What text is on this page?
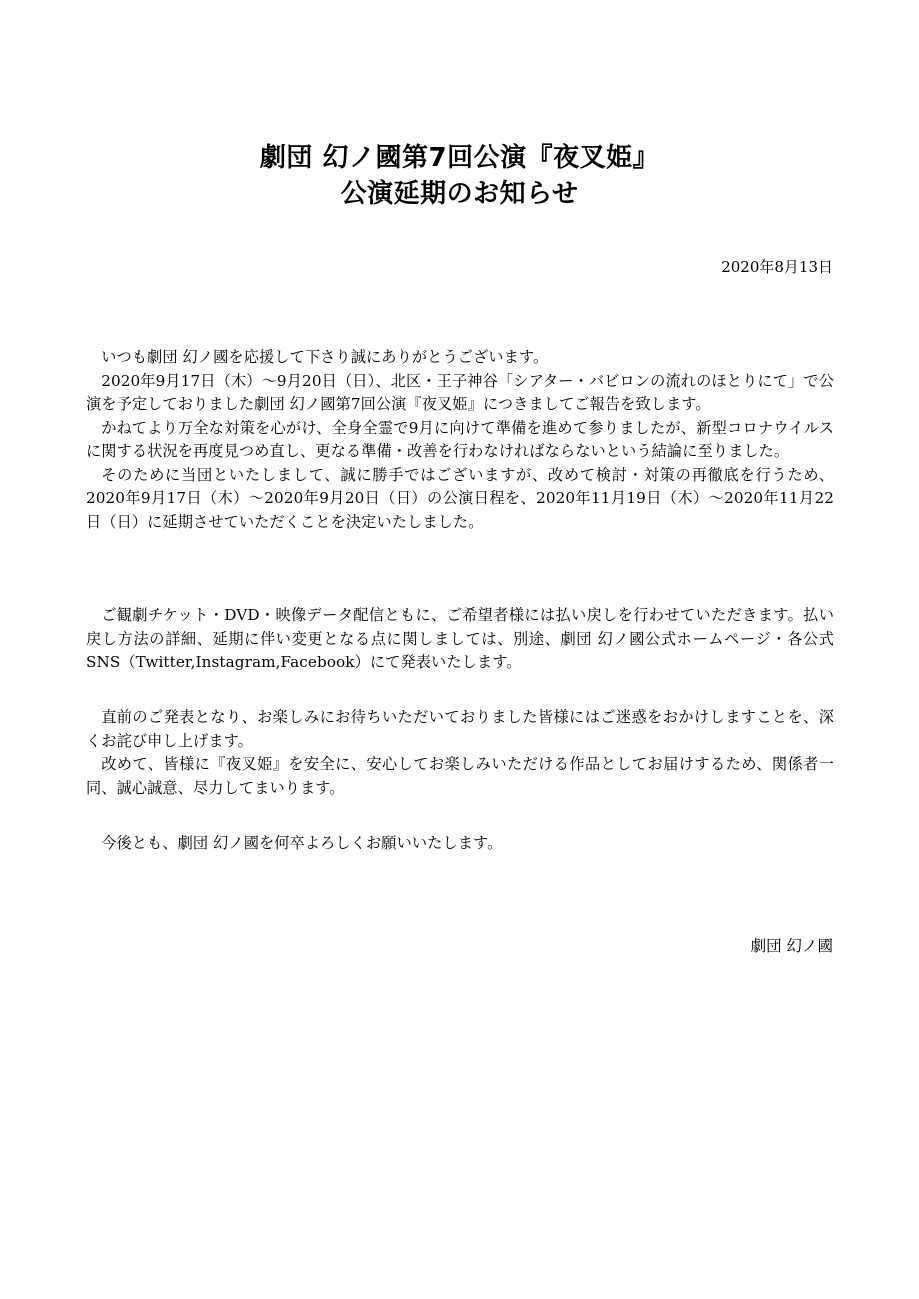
劇団 幻ノ國第7回公演『夜叉姫』
公演延期のお知らせ
2020年8月13日

いつも劇団 幻ノ國を応援して下さり誠にありがとうございます。

2020年9月17日（木）～9月20日（日）、北区・王子神谷「シアター・バビロンの流れのほとりにて」で公演を予定しておりました劇団 幻ノ國第7回公演『夜叉姫』につきましてご報告を致します。

かねてより万全な対策を心がけ、全身全霊で9月に向けて準備を進めて参りましたが、新型コロナウイルスに関する状況を再度見つめ直し、更なる準備・改善を行わなければならないという結論に至りました。

そのために当団といたしまして、誠に勝手ではございますが、改めて検討・対策の再徹底を行うため、2020年9月17日（木）～2020年9月20日（日）の公演日程を、2020年11月19日（木）～2020年11月22日（日）に延期させていただくことを決定いたしました。

ご観劇チケット・DVD・映像データ配信ともに、ご希望者様には払い戻しを行わせていただきます。払い戻し方法の詳細、延期に伴い変更となる点に関しましては、別途、劇団 幻ノ國公式ホームページ・各公式SNS（Twitter,Instagram,Facebook）にて発表いたします。

直前のご発表となり、お楽しみにお待ちいただいておりました皆様にはご迷惑をおかけしますことを、深くお詫び申し上げます。

改めて、皆様に『夜叉姫』を安全に、安心してお楽しみいただける作品としてお届けするため、関係者一同、誠心誠意、尽力してまいります。

今後とも、劇団 幻ノ國を何卒よろしくお願いいたします。

劇団 幻ノ國
